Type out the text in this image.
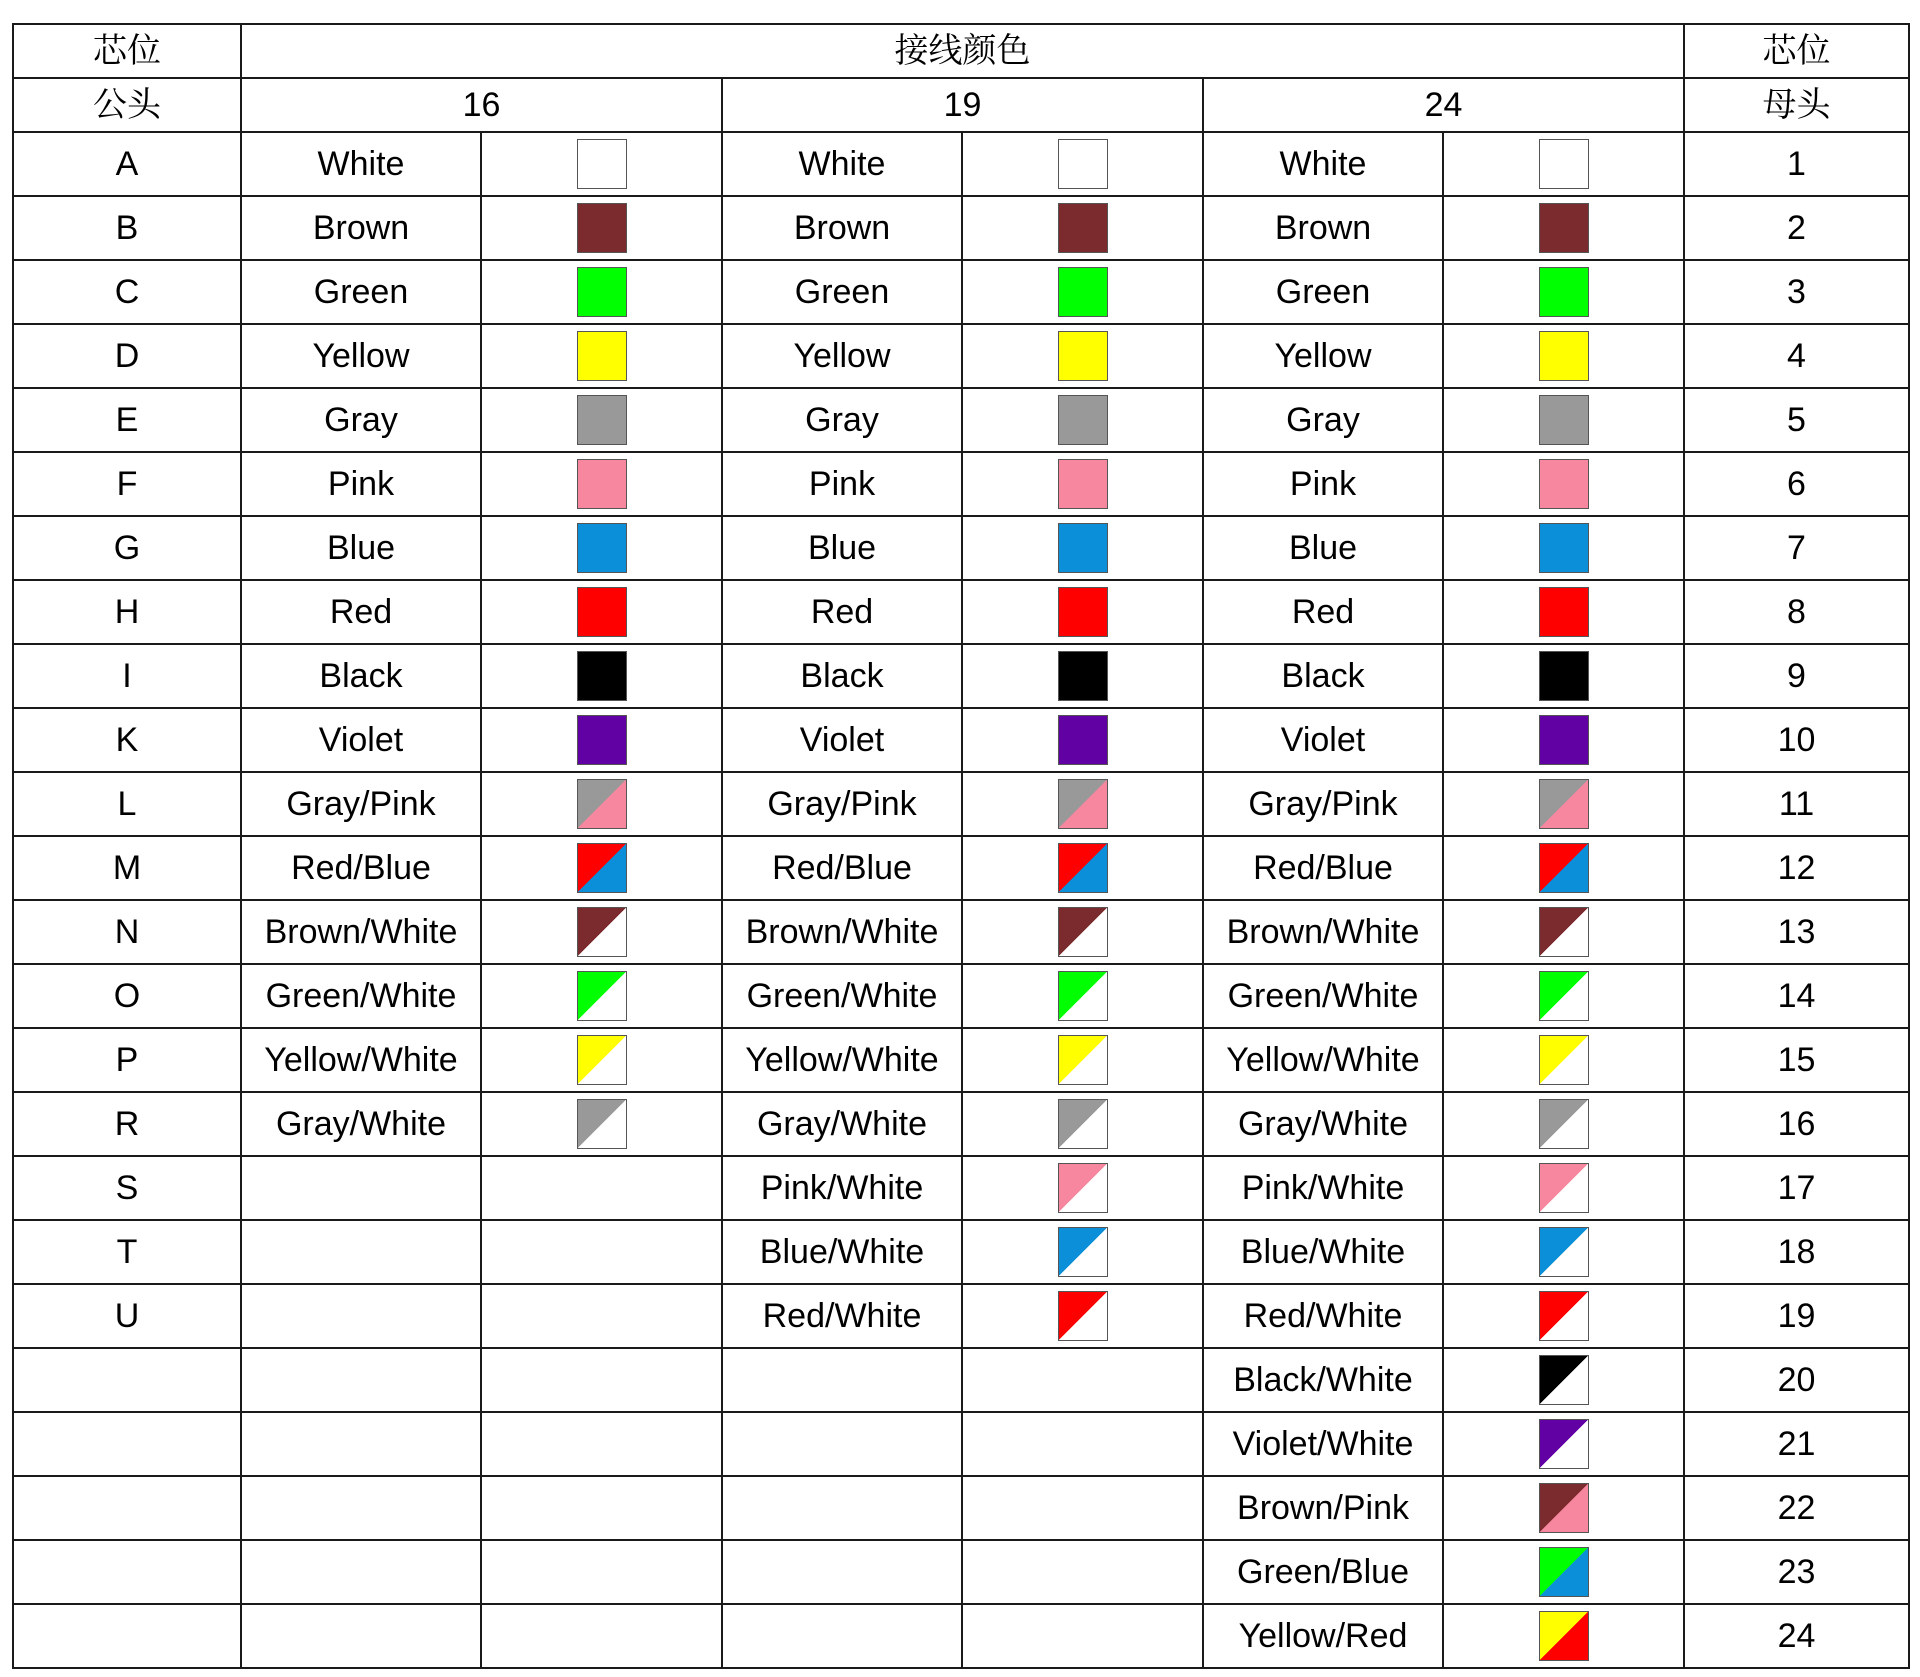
芯位	接线颜色						芯位
公头	16		19		24		母头
A	White		White		White		1
B	Brown		Brown		Brown		2
C	Green		Green		Green		3
D	Yellow		Yellow		Yellow		4
E	Gray		Gray		Gray		5
F	Pink		Pink		Pink		6
G	Blue		Blue		Blue		7
H	Red		Red		Red		8
I	Black		Black		Black		9
K	Violet		Violet		Violet		10
L	Gray/Pink		Gray/Pink		Gray/Pink		11
M	Red/Blue		Red/Blue		Red/Blue		12
N	Brown/White		Brown/White		Brown/White		13
O	Green/White		Green/White		Green/White		14
P	Yellow/White		Yellow/White		Yellow/White		15
R	Gray/White		Gray/White		Gray/White		16
S			Pink/White		Pink/White		17
T			Blue/White		Blue/White		18
U			Red/White		Red/White		19
					Black/White		20
					Violet/White		21
					Brown/Pink		22
					Green/Blue		23
					Yellow/Red		24
